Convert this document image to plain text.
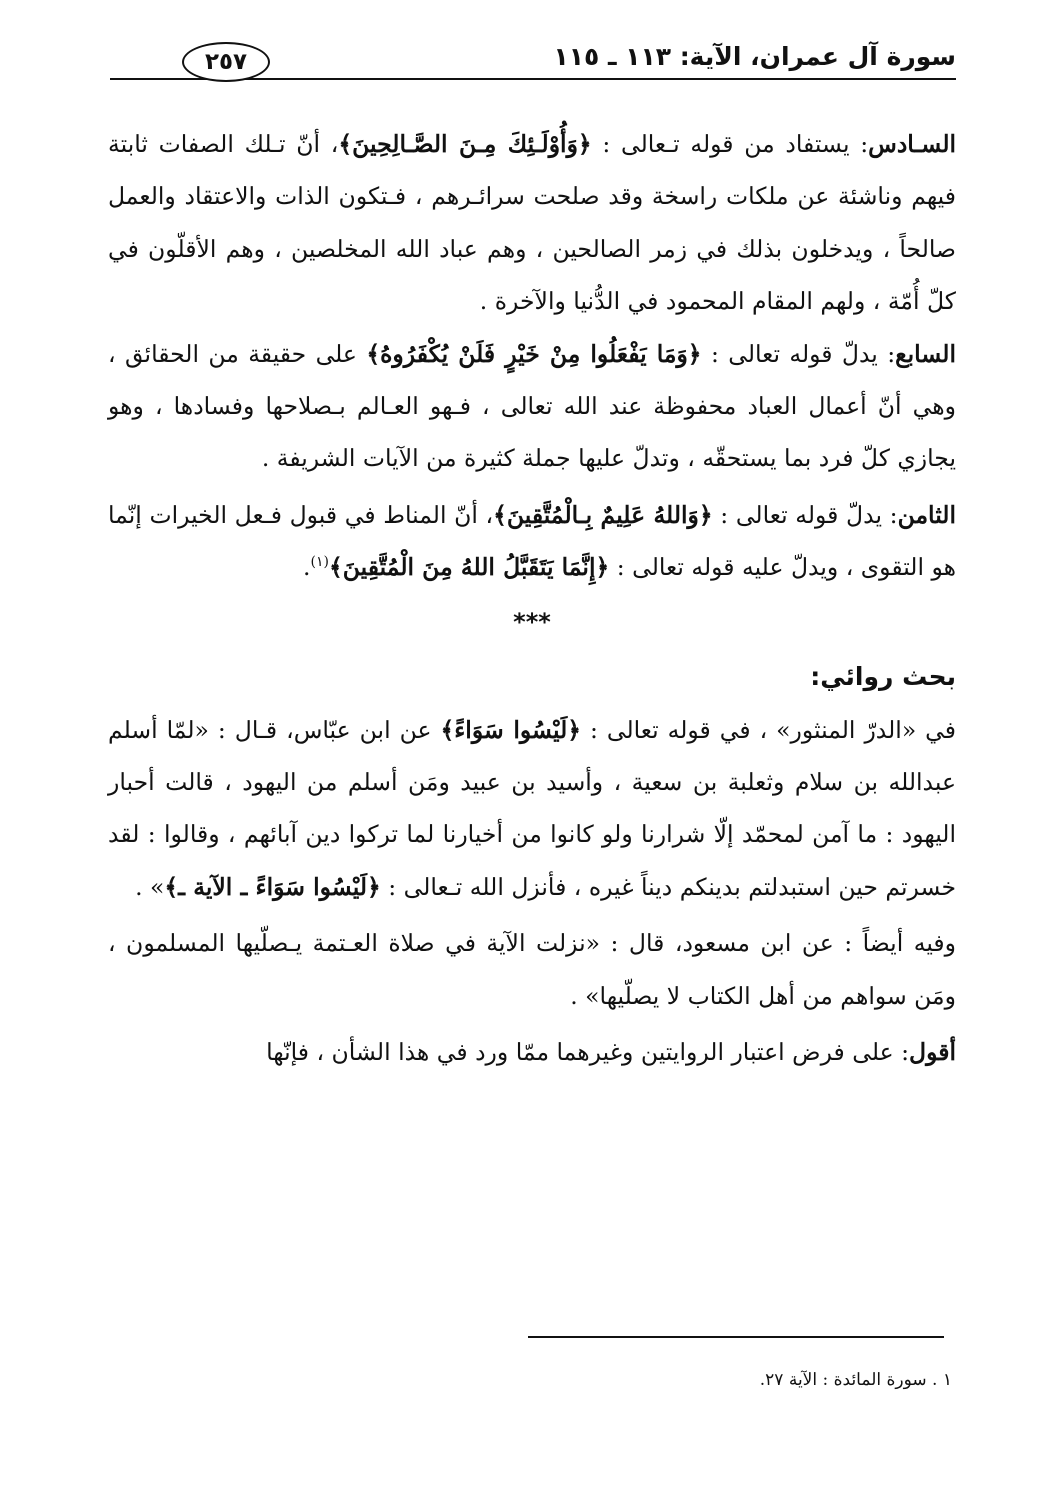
٢٥٧	سورة آل عمران، الآية: ١١٣ ـ ١١٥

السـادس: يستفاد من قوله تـعالى : ﴿وَأُوْلَـئِكَ مِـنَ الصَّـالِحِينَ﴾، أنّ تـلك الصفات ثابتة فيهم وناشئة عن ملكات راسخة وقد صلحت سرائـرهم ، فـتكون الذات والاعتقاد والعمل صالحاً ، ويدخلون بذلك في زمر الصالحين ، وهم عباد الله المخلصين ، وهم الأقلّون في كلّ أُمّة ، ولهم المقام المحمود في الدُّنيا والآخرة .

السابع: يدلّ قوله تعالى : ﴿وَمَا يَفْعَلُوا مِنْ خَيْرٍ فَلَنْ يُكْفَرُوهُ﴾ على حقيقة من الحقائق ، وهي أنّ أعمال العباد محفوظة عند الله تعالى ، فـهو العـالم بـصلاحها وفسادها ، وهو يجازي كلّ فرد بما يستحقّه ، وتدلّ عليها جملة كثيرة من الآيات الشريفة .

الثامن: يدلّ قوله تعالى : ﴿وَاللهُ عَلِيمٌ بِـالْمُتَّقِينَ﴾، أنّ المناط في قبول فـعل الخيرات إنّما هو التقوى ، ويدلّ عليه قوله تعالى : ﴿إِنَّمَا يَتَقَبَّلُ اللهُ مِنَ الْمُتَّقِينَ﴾$^{(١)}$.

***

بحث روائي:

في «الدرّ المنثور» ، في قوله تعالى : ﴿لَيْسُوا سَوَاءً﴾ عن ابن عبّاس، قـال : «لمّا أسلم عبدالله بن سلام وثعلبة بن سعية ، وأسيد بن عبيد ومَن أسلم من اليهود ، قالت أحبار اليهود : ما آمن لمحمّد إلّا شرارنا ولو كانوا من أخيارنا لما تركوا دين آبائهم ، وقالوا : لقد خسرتم حين استبدلتم بدينكم ديناً غيره ، فأنزل الله تـعالى : ﴿لَيْسُوا سَوَاءً ـ الآية ـ﴾» .

وفيه أيضاً : عن ابن مسعود، قال : «نزلت الآية في صلاة العـتمة يـصلّيها المسلمون ، ومَن سواهم من أهل الكتاب لا يصلّيها» .

أقول: على فرض اعتبار الروايتين وغيرهما ممّا ورد في هذا الشأن ، فإنّها

١ . سورة المائدة : الآية ٢٧.
